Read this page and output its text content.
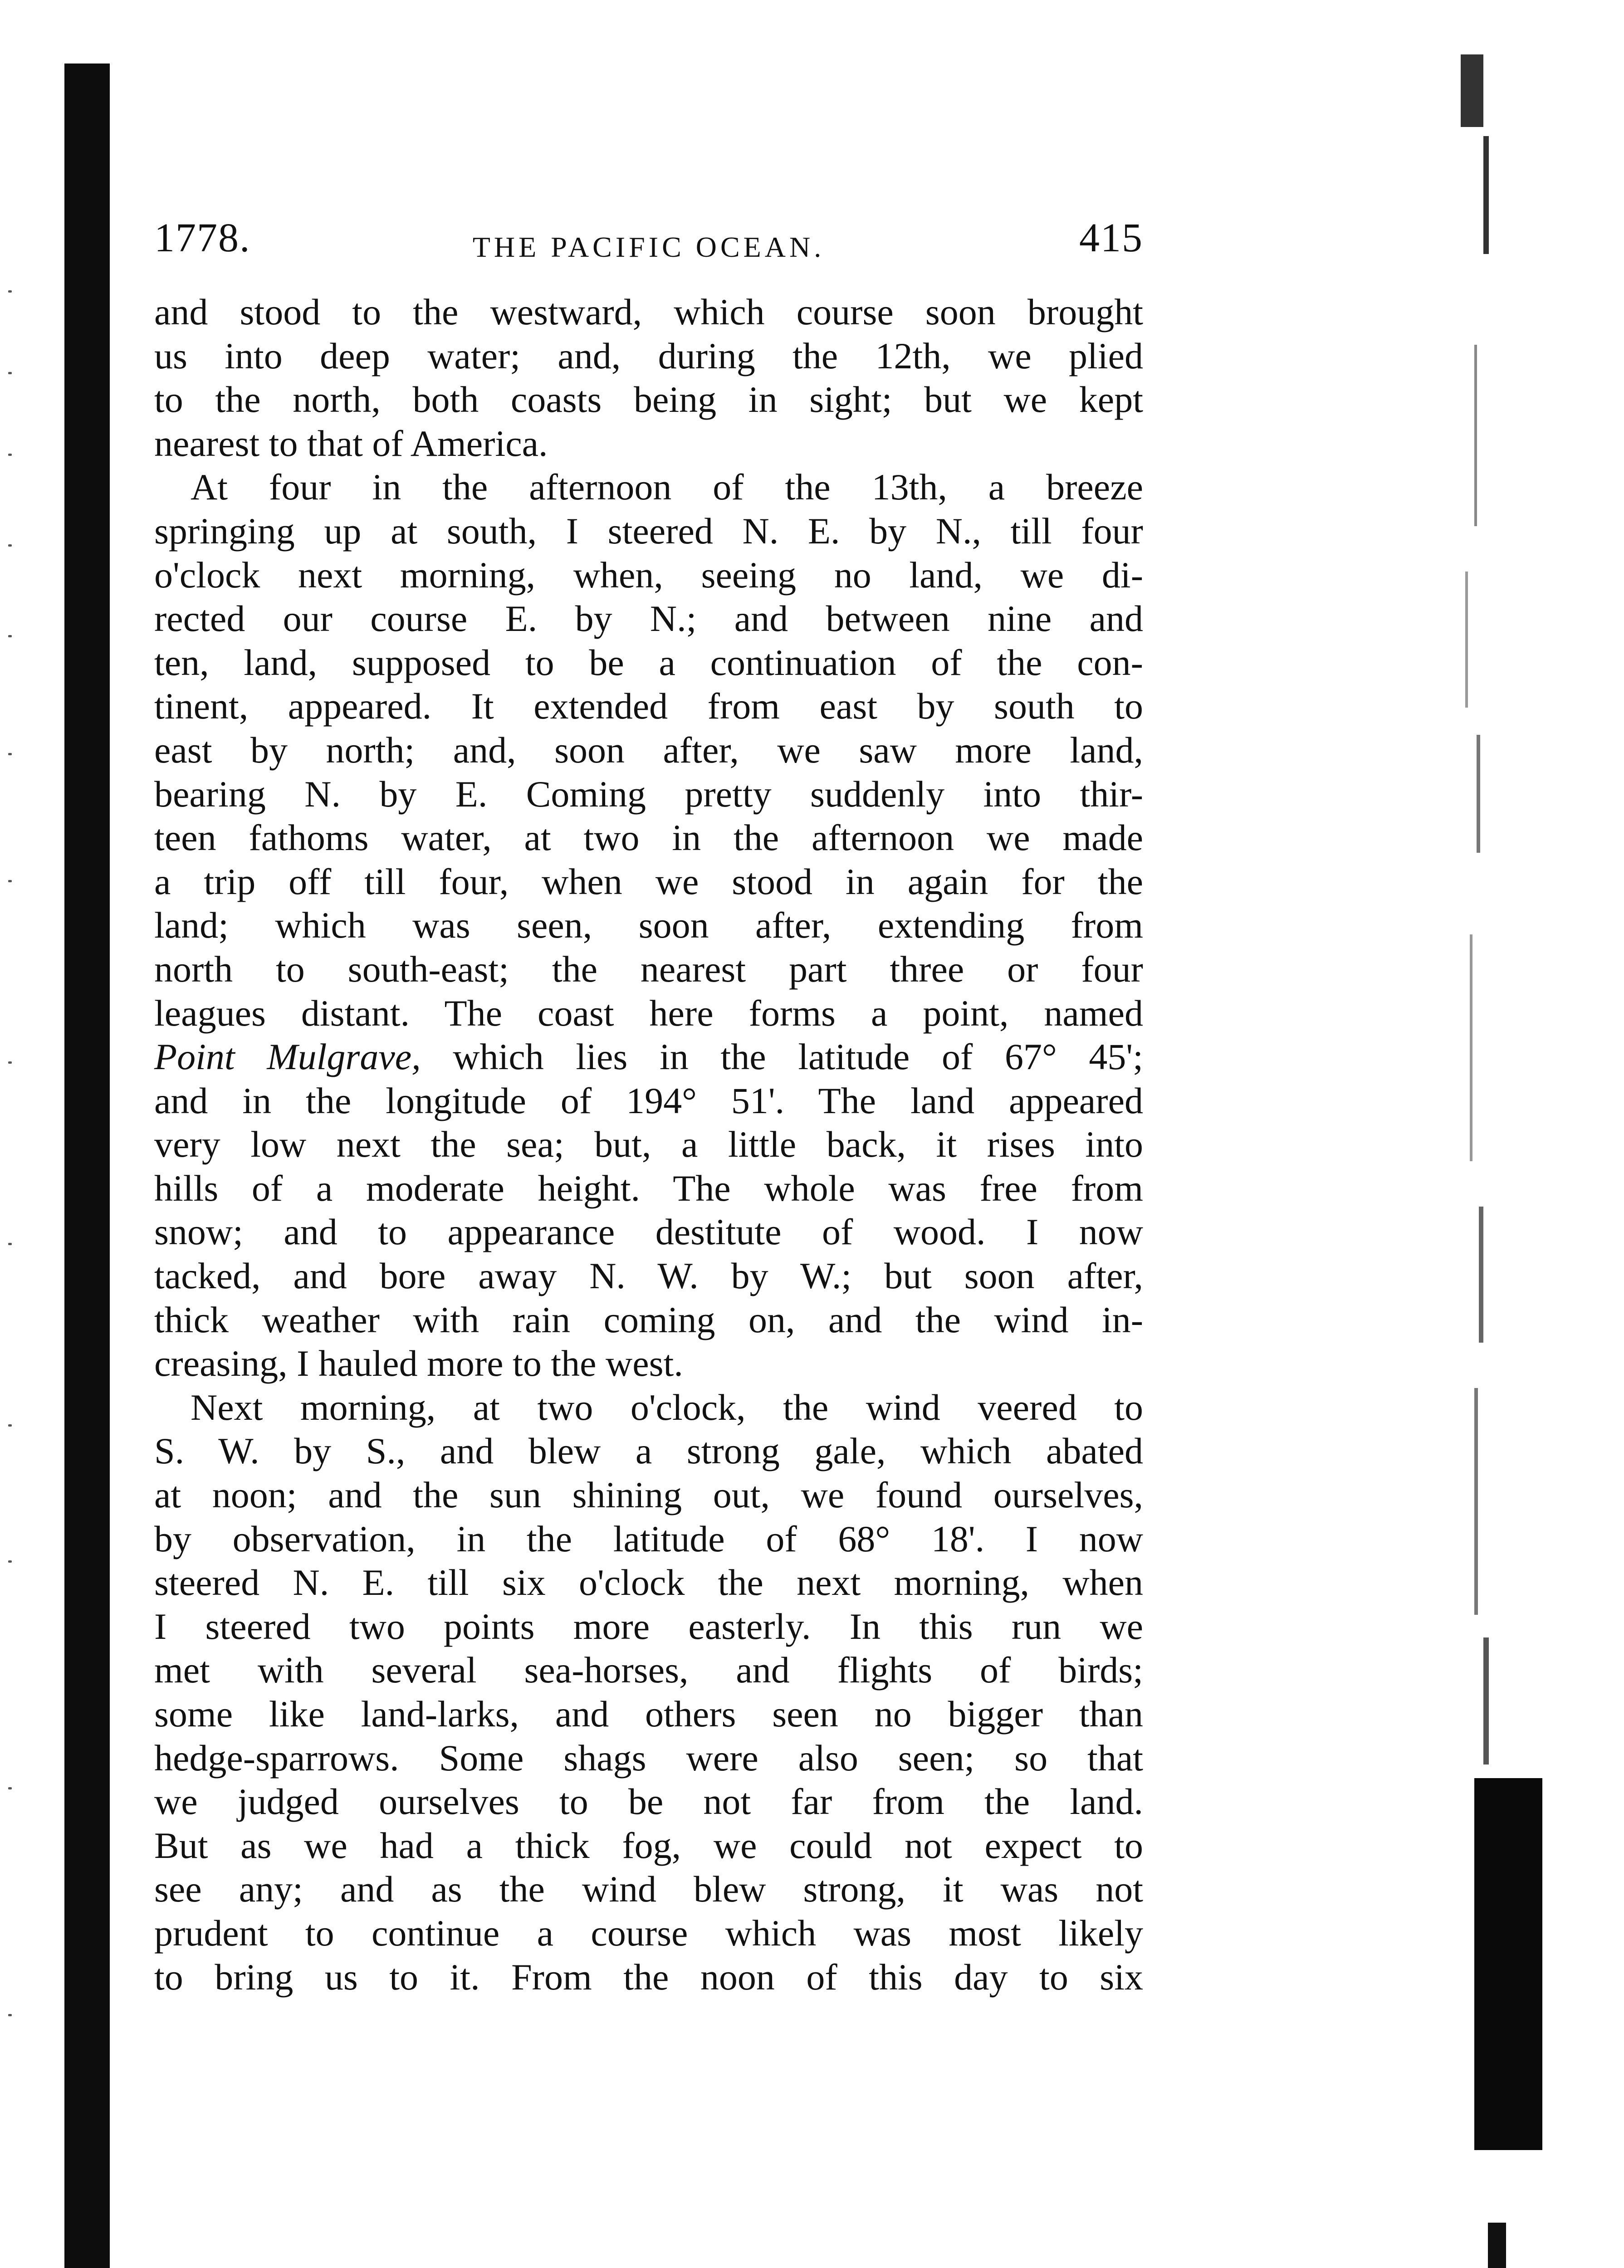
1778.	THE PACIFIC OCEAN.	415
and stood to the westward, which course soon brought
us into deep water; and, during the 12th, we plied
to the north, both coasts being in sight; but we kept
nearest to that of America.
At four in the afternoon of the 13th, a breeze
springing up at south, I steered N. E. by N., till four
o'clock next morning, when, seeing no land, we di-
rected our course E. by N.; and between nine and
ten, land, supposed to be a continuation of the con-
tinent, appeared. It extended from east by south to
east by north; and, soon after, we saw more land,
bearing N. by E. Coming pretty suddenly into thir-
teen fathoms water, at two in the afternoon we made
a trip off till four, when we stood in again for the
land; which was seen, soon after, extending from
north to south-east; the nearest part three or four
leagues distant. The coast here forms a point, named
Point Mulgrave, which lies in the latitude of 67° 45';
and in the longitude of 194° 51'. The land appeared
very low next the sea; but, a little back, it rises into
hills of a moderate height. The whole was free from
snow; and to appearance destitute of wood. I now
tacked, and bore away N. W. by W.; but soon after,
thick weather with rain coming on, and the wind in-
creasing, I hauled more to the west.
Next morning, at two o'clock, the wind veered to
S. W. by S., and blew a strong gale, which abated
at noon; and the sun shining out, we found ourselves,
by observation, in the latitude of 68° 18'. I now
steered N. E. till six o'clock the next morning, when
I steered two points more easterly. In this run we
met with several sea-horses, and flights of birds;
some like land-larks, and others seen no bigger than
hedge-sparrows. Some shags were also seen; so that
we judged ourselves to be not far from the land.
But as we had a thick fog, we could not expect to
see any; and as the wind blew strong, it was not
prudent to continue a course which was most likely
to bring us to it. From the noon of this day to six
